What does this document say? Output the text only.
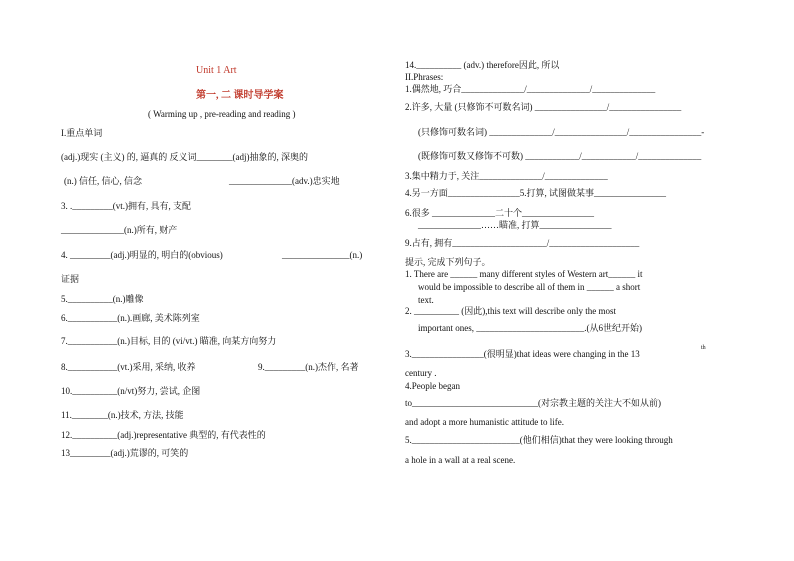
Unit 1 Art
第一, 二 课时导学案
( Warming up , pre-reading and reading )
I.重点单词
(adj.)现实 (主义) 的, 逼真的 反义词________(adj)抽象的, 深奥的
(n.) 信任, 信心, 信念	______________(adv.)忠实地
3. ._________(vt.)拥有, 具有, 支配
______________(n.)所有, 财产
4. _________(adj.)明显的, 明白的(obvious)	_______________(n.)
证据
5.__________(n.)雕像
6.___________(n.).画廊, 美术陈列室
7.___________(n.)目标, 目的 (vi/vt.) 瞄准, 向某方向努力
8.___________(vt.)采用, 采纳, 收养	9._________(n.)杰作, 名著
10.__________(n/vt)努力, 尝试, 企图
11.________(n.)技术, 方法, 技能
12.__________(adj.)representative 典型的, 有代表性的
13_________(adj.)荒谬的, 可笑的
14.__________ (adv.) therefore因此, 所以
II.Phrases:
1.偶然地, 巧合______________/______________/______________
2.许多, 大量 (只修饰不可数名词) ________________/________________
(只修饰可数名词) ______________/________________/________________-
(既修饰可数又修饰不可数) ____________/____________/______________
3.集中精力于, 关注______________/______________
4.另一方面________________5.打算, 试图做某事________________
6.很多 ______________二十个________________
______________……瞄准, 打算________________
9.占有, 拥有_____________________/____________________
提示, 完成下列句子。
1. There are ______ many different styles of Western art______ it
would be impossible to describe all of them in ______ a short
text.
2. __________ (因此),this text will describe only the most
important ones, ________________________.(从6世纪开始)
3.________________(很明显)that ideas were changing in the 13
th
century .
4.People began
to____________________________(对宗教主题的关注大不如从前)
and adopt a more humanistic attitude to life.
5.________________________(他们相信)that they were looking through
a hole in a wall at a real scene.
